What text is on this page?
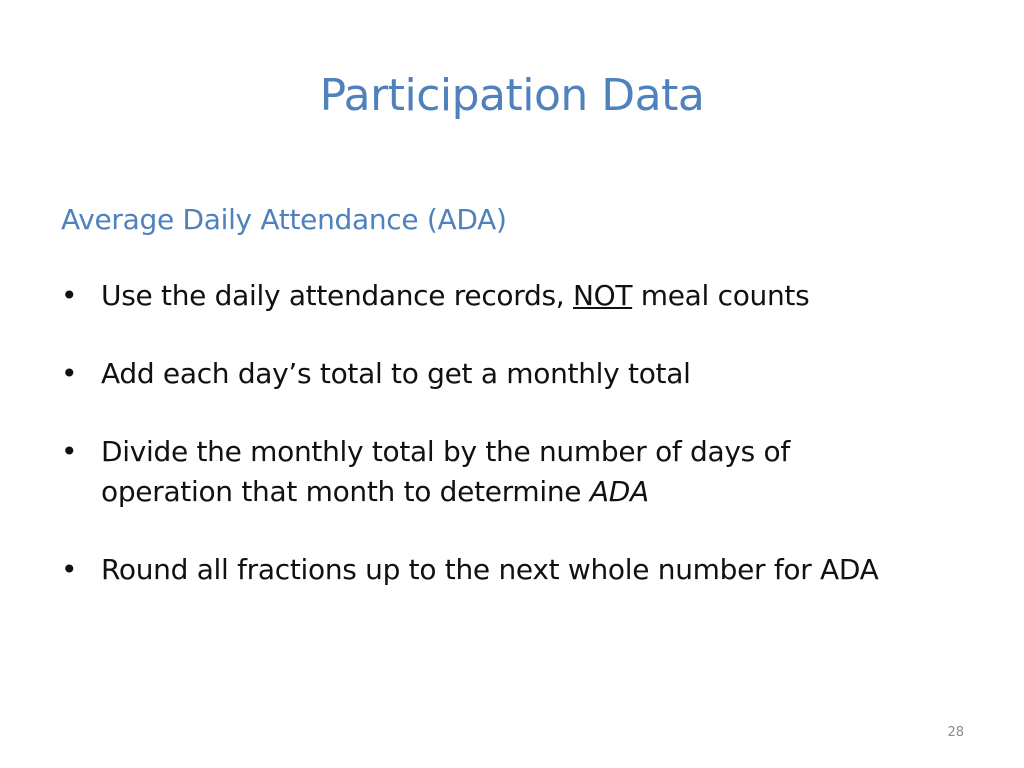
Participation Data
Average Daily Attendance (ADA)
• Use the daily attendance records, NOT meal counts
• Add each day’s total to get a monthly total
• Divide the monthly total by the number of days of
operation that month to determine ADA
• Round all fractions up to the next whole number for ADA
28
